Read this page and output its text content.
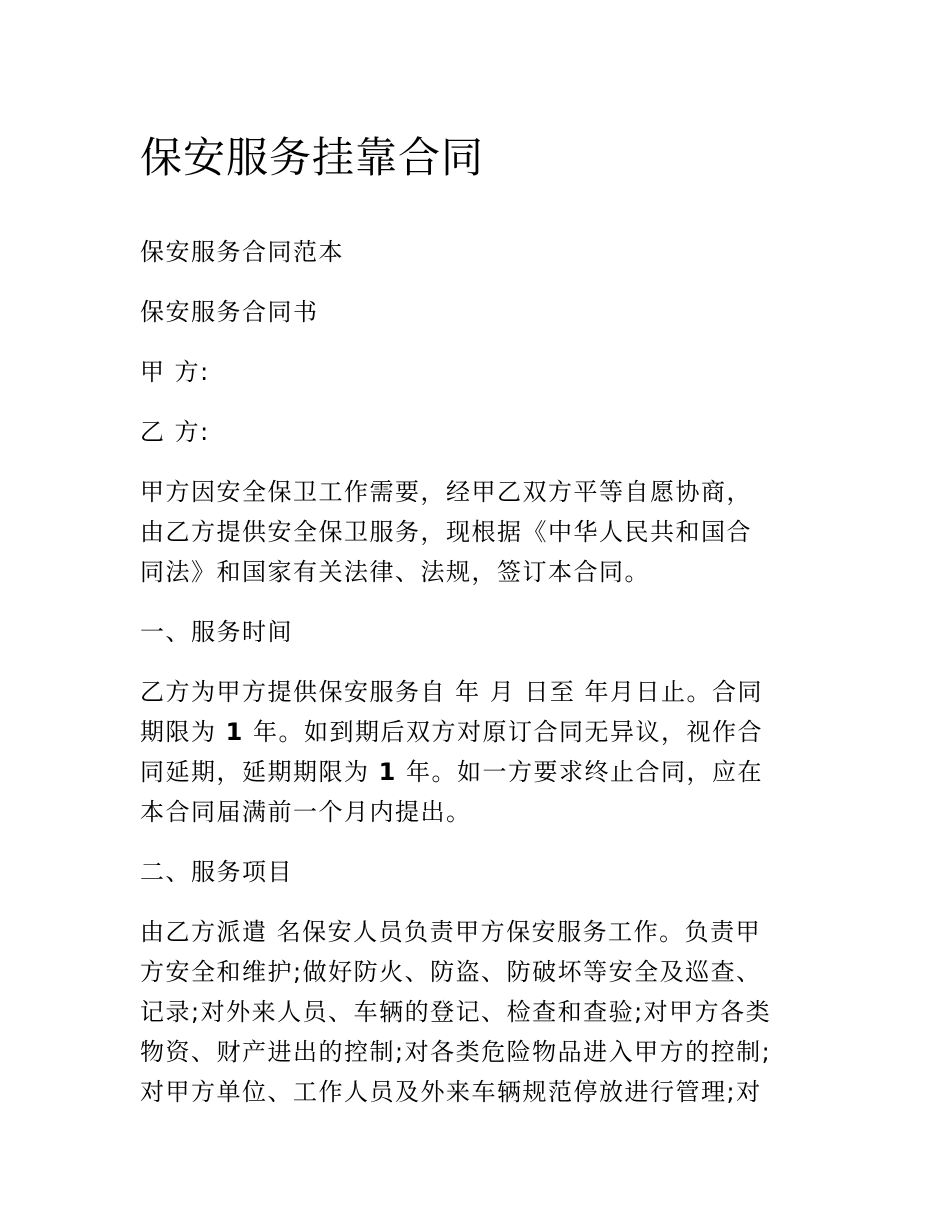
保安服务挂靠合同

保安服务合同范本

保安服务合同书

甲 方:

乙 方:

甲方因安全保卫工作需要，经甲乙双方平等自愿协商，
由乙方提供安全保卫服务，现根据《中华人民共和国合
同法》和国家有关法律、法规，签订本合同。

一、服务时间

乙方为甲方提供保安服务自 年 月 日至 年月日止。合同
期限为 1 年。如到期后双方对原订合同无异议，视作合
同延期，延期期限为 1 年。如一方要求终止合同，应在
本合同届满前一个月内提出。

二、服务项目

由乙方派遣 名保安人员负责甲方保安服务工作。负责甲
方安全和维护;做好防火、防盗、防破坏等安全及巡查、
记录;对外来人员、车辆的登记、检查和查验;对甲方各类
物资、财产进出的控制;对各类危险物品进入甲方的控制;
对甲方单位、工作人员及外来车辆规范停放进行管理;对
